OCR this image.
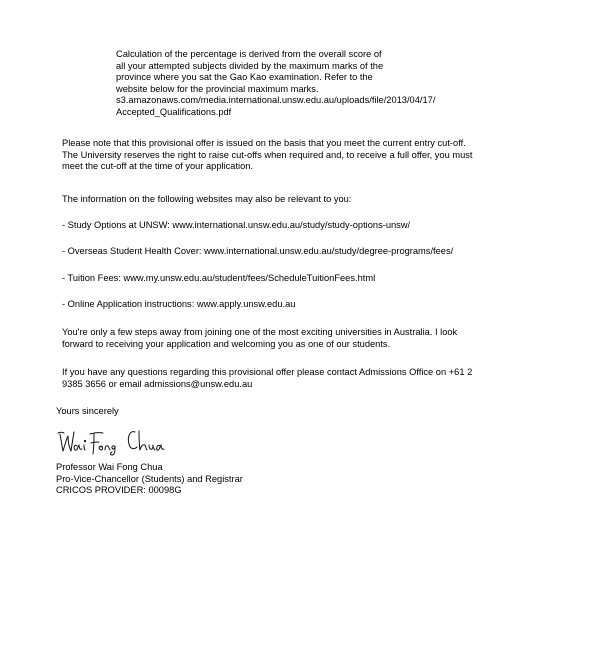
Calculation of the percentage is derived from the overall score of
all your attempted subjects divided by the maximum marks of the
province where you sat the Gao Kao examination. Refer to the
website below for the provincial maximum marks.
s3.amazonaws.com/media.international.unsw.edu.au/uploads/file/2013/04/17/
Accepted_Qualifications.pdf
Please note that this provisional offer is issued on the basis that you meet the current entry cut-off.
The University reserves the right to raise cut-offs when required and, to receive a full offer, you must
meet the cut-off at the time of your application.
The information on the following websites may also be relevant to you:
- Study Options at UNSW: www.international.unsw.edu.au/study/study-options-unsw/
- Overseas Student Health Cover: www.international.unsw.edu.au/study/degree-programs/fees/
- Tuition Fees: www.my.unsw.edu.au/student/fees/ScheduleTuitionFees.html
- Online Application instructions: www.apply.unsw.edu.au
You're only a few steps away from joining one of the most exciting universities in Australia. I look
forward to receiving your application and welcoming you as one of our students.
If you have any questions regarding this provisional offer please contact Admissions Office on +61 2
9385 3656 or email admissions@unsw.edu.au
Yours sincerely
Professor Wai Fong Chua
Pro-Vice-Chancellor (Students) and Registrar
CRICOS PROVIDER: 00098G
